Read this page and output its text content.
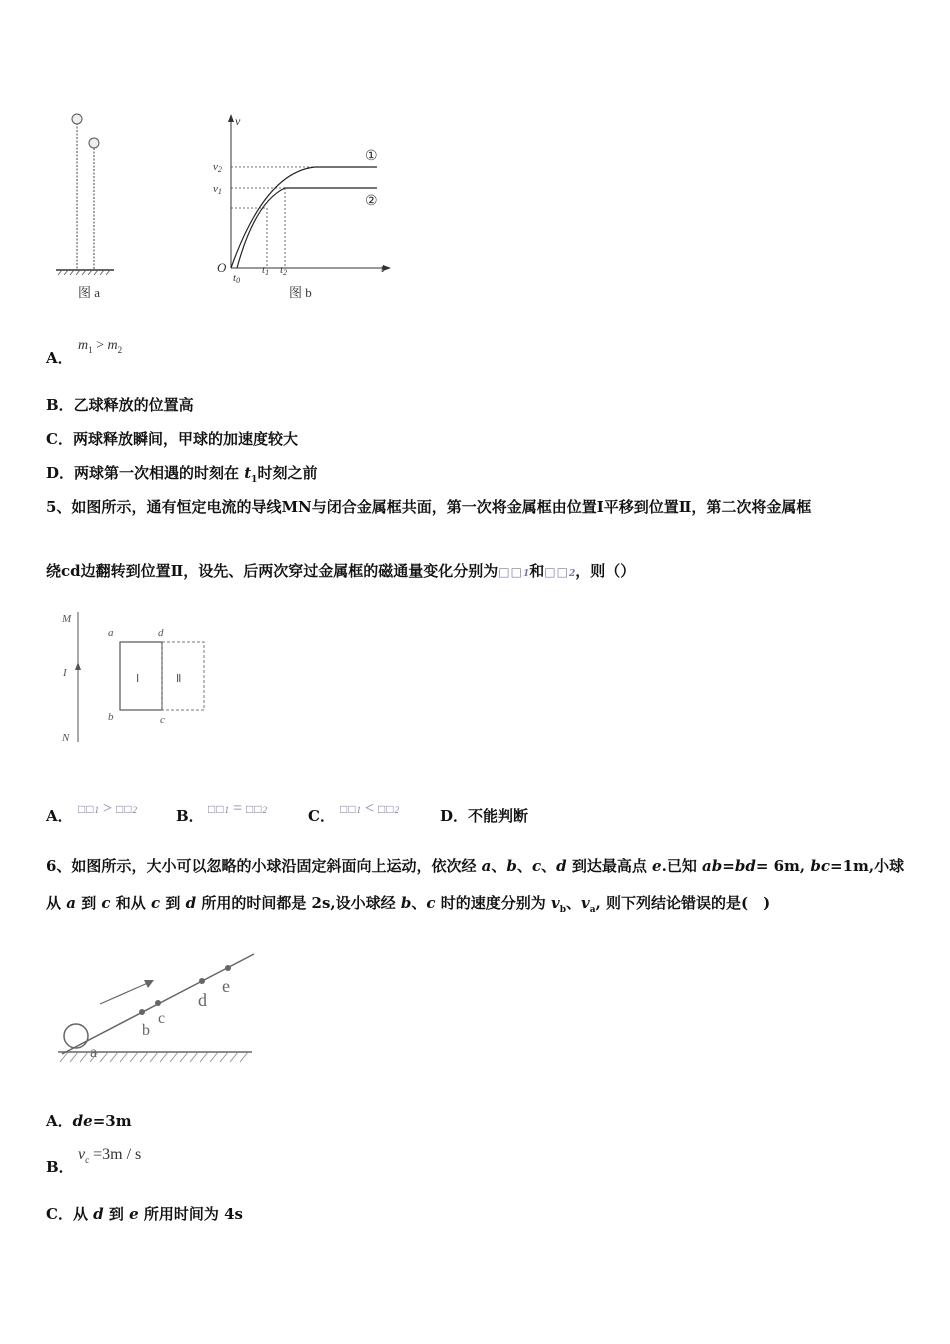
图 a
v
t
O
v2
v1
①
②
t0
t1 t2
图 b
A．
$m_1 > m_2$
B．乙球释放的位置高
C．两球释放瞬间，甲球的加速度较大
D．两球第一次相遇的时刻在 $t_1$时刻之前
5、如图所示，通有恒定电流的导线MN与闭合金属框共面，第一次将金属框由位置Ⅰ平移到位置Ⅱ，第二次将金属框
绕cd边翻转到位置Ⅱ，设先、后两次穿过金属框的磁通量变化分别为□□1和□□2，则（）
M
N
I
a	d
b	c
Ⅰ	Ⅱ
A． □□1 > □□2	B． □□1 = □□2	C． □□1 < □□2	D．不能判断
6、如图所示，大小可以忽略的小球沿固定斜面向上运动，依次经 a、b、c、d 到达最高点 e.已知 ab=bd= 6m, bc=1m,小球
从 a 到 c 和从 c 到 d 所用的时间都是 2s,设小球经 b、c 时的速度分别为 $v_b$、$v_a$, 则下列结论错误的是(　)
a
b
c
d
e
A．de=3m
B．
$v_c =3m / s$
C．从 d 到 e 所用时间为 4s
